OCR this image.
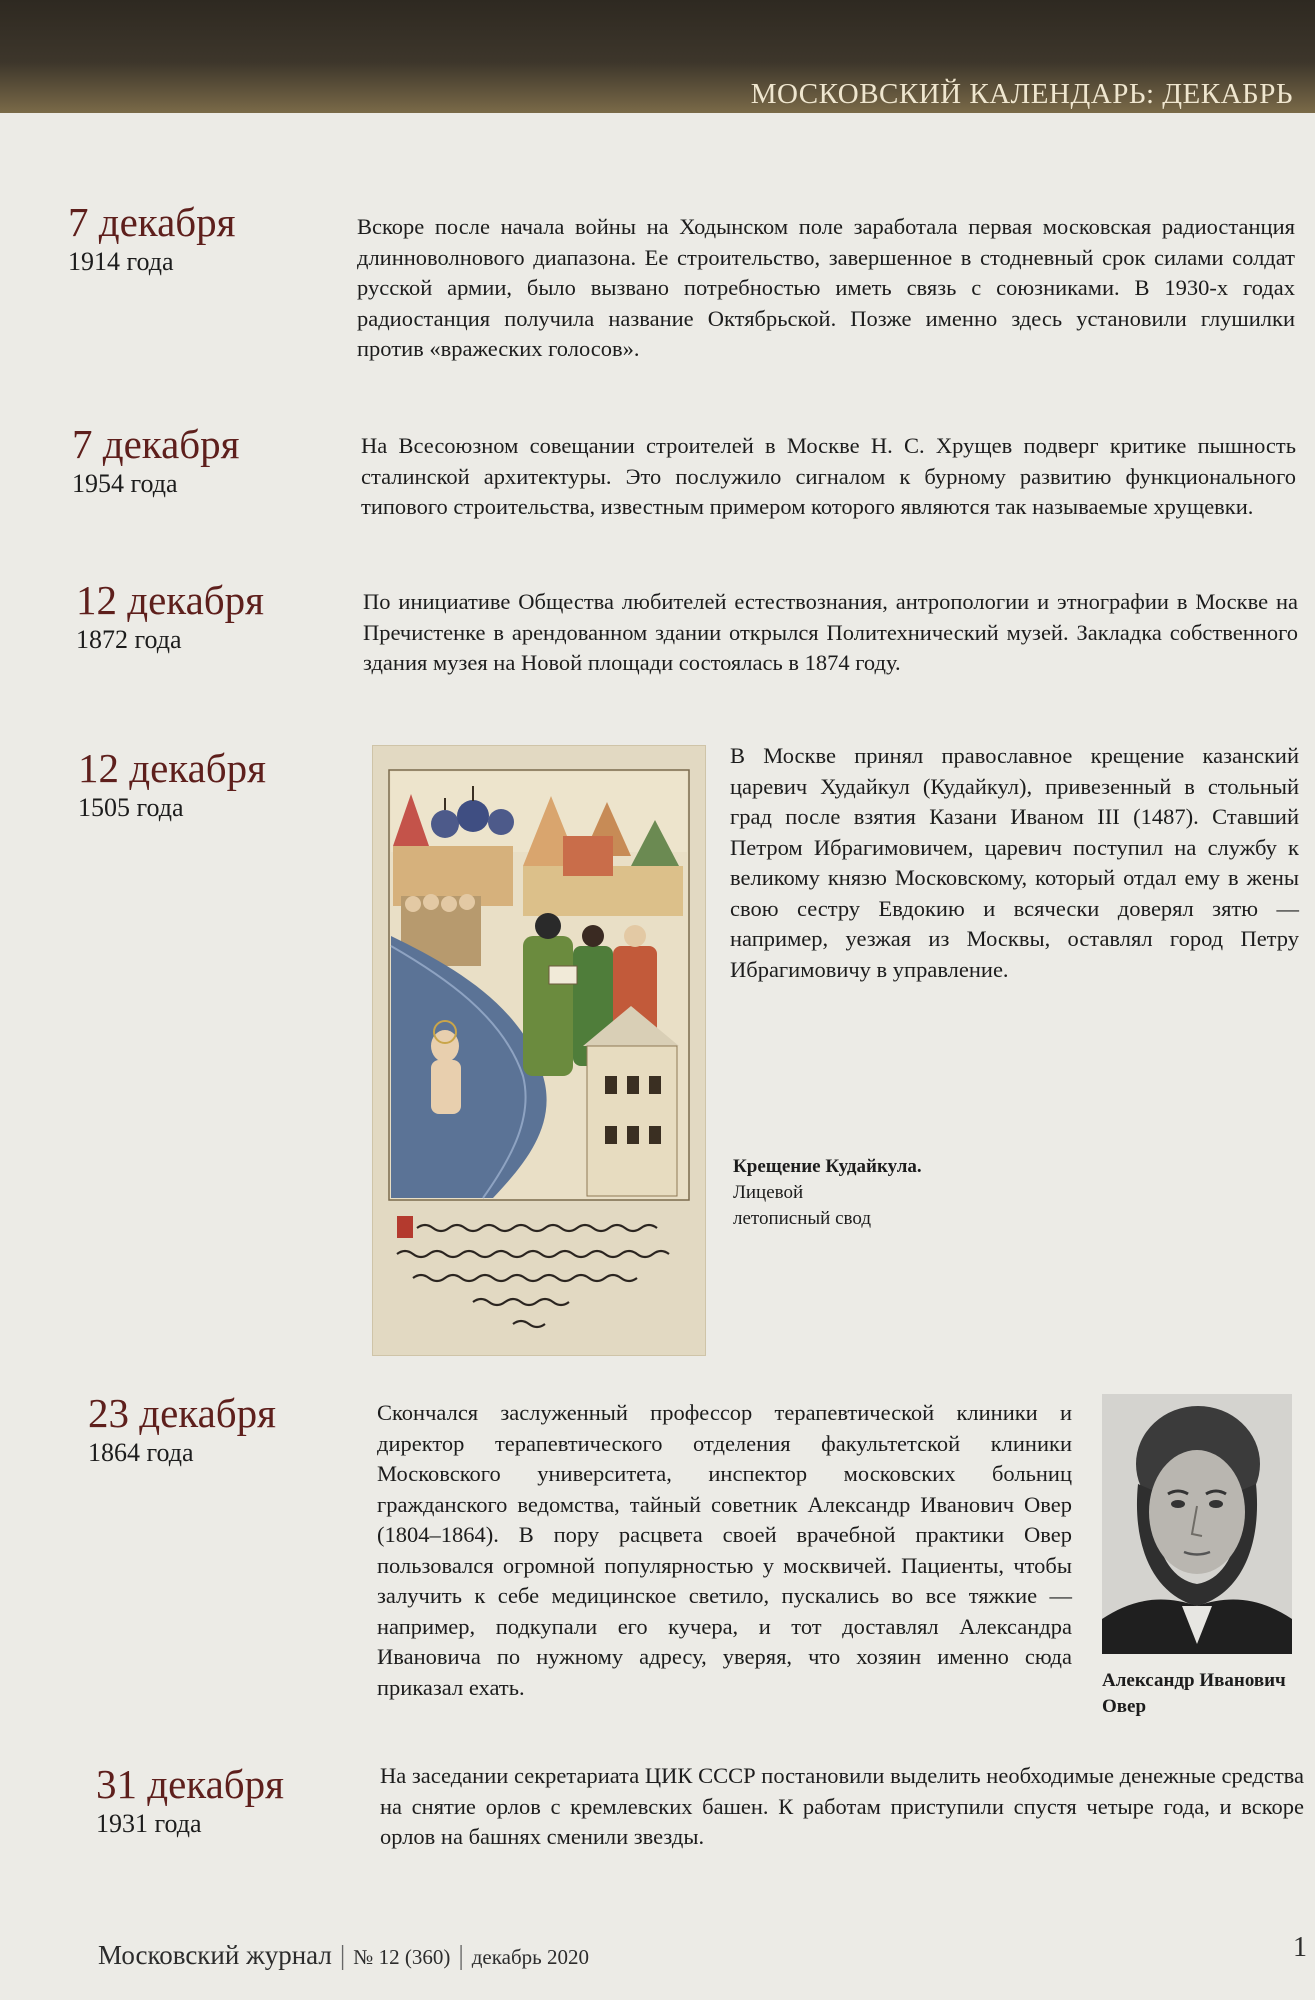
МОСКОВСКИЙ КАЛЕНДАРЬ: ДЕКАБРЬ
7 декабря
1914 года
Вскоре после начала войны на Ходынском поле заработала первая московская радиостанция длинноволнового диапазона. Ее строительство, завершенное в стодневный срок силами солдат русской армии, было вызвано потребностью иметь связь с союзниками. В 1930-х годах радиостанция получила название Октябрьской. Позже именно здесь установили глушилки против «вражеских голосов».
7 декабря
1954 года
На Всесоюзном совещании строителей в Москве Н. С. Хрущев подверг критике пышность сталинской архитектуры. Это послужило сигналом к бурному развитию функционального типового строительства, известным примером которого являются так называемые хрущевки.
12 декабря
1872 года
По инициативе Общества любителей естествознания, антропологии и этнографии в Москве на Пречистенке в арендованном здании открылся Политехнический музей. Закладка собственного здания музея на Новой площади состоялась в 1874 году.
12 декабря
1505 года
В Москве принял православное крещение казанский царевич Худайкул (Кудайкул), привезенный в стольный град после взятия Казани Иваном III (1487). Ставший Петром Ибрагимовичем, царевич поступил на службу к великому князю Московскому, который отдал ему в жены свою сестру Евдокию и всячески доверял зятю — например, уезжая из Москвы, оставлял город Петру Ибрагимовичу в управление.
Крещение Кудайкула.
Лицевой
летописный свод
23 декабря
1864 года
Скончался заслуженный профессор терапевтической клиники и директор терапевтического отделения факультетской клиники Московского университета, инспектор московских больниц гражданского ведомства, тайный советник Александр Иванович Овер (1804–1864). В пору расцвета своей врачебной практики Овер пользовался огромной популярностью у москвичей. Пациенты, чтобы залучить к себе медицинское светило, пускались во все тяжкие — например, подкупали его кучера, и тот доставлял Александра Ивановича по нужному адресу, уверяя, что хозяин именно сюда приказал ехать.	Александр Иванович
Овер
31 декабря
1931 года
На заседании секретариата ЦИК СССР постановили выделить необходимые денежные средства на снятие орлов с кремлевских башен. К работам приступили спустя четыре года, и вскоре орлов на башнях сменили звезды.
Московский журнал | № 12 (360) | декабрь 2020	1
